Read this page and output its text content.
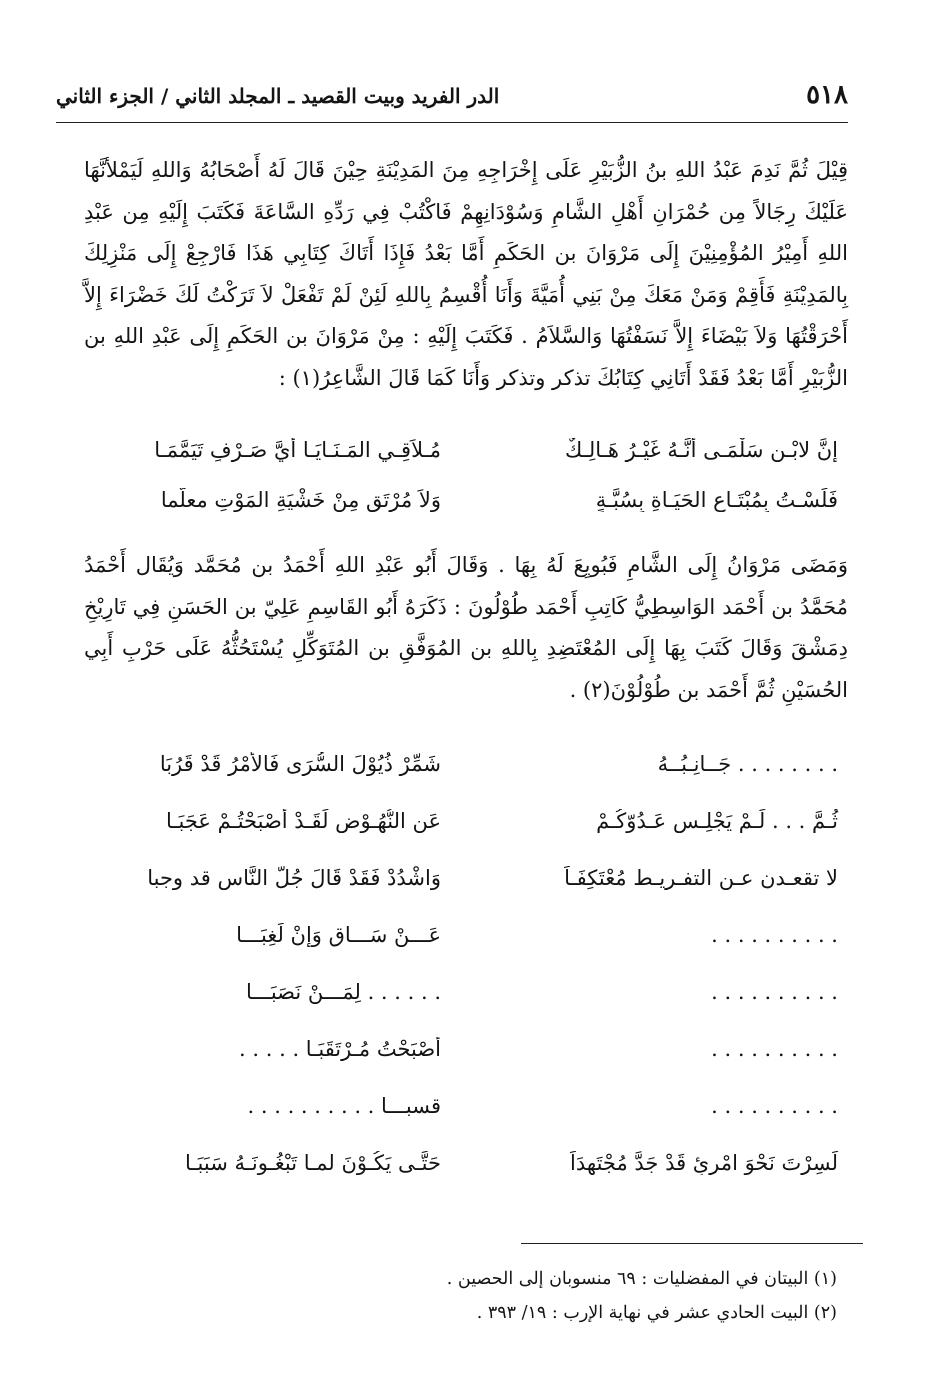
٥١٨
الدر الفريد وبيت القصيد ـ المجلد الثاني / الجزء الثاني

قِيْلَ ثُمَّ نَدِمَ عَبْدُ اللهِ بنُ الزُّبَيْرِ عَلَى إِخْرَاجِهِ مِنَ المَدِيْنَةِ حِيْنَ قَالَ لَهُ أَصْحَابُهُ وَاللهِ لَيَمْلأنَّهَا عَلَيْكَ رِجَالاً مِن حُمْرَانِ أَهْلِ الشَّامِ وَسُوْدَانِهِمْ فَاكْتُبْ فِي رَدِّهِ السَّاعَةَ فَكَتَبَ إِلَيْهِ مِن عَبْدِ اللهِ أَمِيْرُ المُؤْمِنِيْنَ إِلَى مَرْوَانَ بن الحَكَمِ أَمَّا بَعْدُ فَإِذَا أَتَاكَ كِتَابِي هَذَا فَارْجِعْ إِلَى مَنْزِلِكَ بِالمَدِيْنَةِ فَأَقِمْ وَمَنْ مَعَكَ مِنْ بَنِي أُمَيَّةَ وَأَنَا أُقْسِمُ بِاللهِ لَئِنْ لَمْ تَفْعَلْ لاَ تَرَكْتُ لَكَ خَضْرَاءَ إِلاَّ أَحْرَقْتُهَا وَلاَ بَيْضَاءَ إِلاَّ نَسَفْتُهَا وَالسَّلاَمُ . فَكَتَبَ إِلَيْهِ : مِنْ مَرْوَانَ بن الحَكَمِ إِلَى عَبْدِ اللهِ بن الزُّبَيْرِ أَمَّا بَعْدُ فَقَدْ أَتَانِي كِتَابُكَ تذكر وتذكر وَأَنَا كَمَا قَالَ الشَّاعِرُ(١) :

إِنَّ لابْـنِ سَلْمَـى أَنَّـهُ غَيْـرُ هَـالِـكٌ
مُـلاَقِـي المَـنَـايَـا أَيَّ صَـرْفٍ تَيَمَّمَـا
فَلَسْـتُ بِمُبْتَـاعِ الحَيَـاةِ بِسُبَّـةٍ
وَلاَ مُرْتَقٍ مِنْ خَشْيَةِ المَوْتِ معلّما

وَمَضَى مَرْوَانُ إِلَى الشَّامِ فَبُويِعَ لَهُ بِهَا . وَقَالَ أَبُو عَبْدِ اللهِ أَحْمَدُ بن مُحَمَّد وَيُقَال أَحْمَدُ مُحَمَّدُ بن أَحْمَد الوَاسِطِيُّ كَاتِبِ أَحْمَد طُوْلُونَ : ذَكَرَهُ أَبُو القَاسِمِ عَلِيّ بن الحَسَنِ فِي تَارِيْخِ دِمَشْقَ وَقَالَ كَتَبَ بِهَا إِلَى المُعْتَضِدِ بِاللهِ بن المُوَفَّقِ بن المُتَوَكِّلِ يُسْتَحُثُّهُ عَلَى حَرْبِ أَبِي الحُسَيْنِ ثُمَّ أَحْمَد بن طُوْلُوْنَ(٢) .

. . . . . . . . جَــانِـبُــهُ
شَمِّرْ ذُيُوْلَ السُّرَى فَالأَمْرُ قَدْ قَرُبَا
ثُـمَّ . . . لَـمْ يَجْلِـس عَـدُوّكُـمْ
عَنِ النُّهُـوْضِ لَقَـدْ أَصْبَحْتُـمْ عَجَبَـا
لا تقعـدن عـن التفـريـط مُعْتَكِفَـاً
وَاشْدُدْ فَقَدْ قَالَ جُلُّ النَّاسِ قد وجبا
. . . . . . . . . .
عَـــنْ سَـــاقٍ وَإِنْ لَغِبَـــا
. . . . . . . . . .
. . . . . . لِمَـــنْ نَصَبَـــا
. . . . . . . . . .
أَصْبَحْتُ مُـرْتَقَبَـا . . . . .
. . . . . . . . . .
قسبـــا . . . . . . . . . .
لَسِرْتَ نَحْوَ امْرِئٍ قَدْ جَدَّ مُجْتَهِدَاً
حَتَّـى يَكُـوْنَ لمـا تَبْغُـونَـهُ سَبَبَـا
(١) البيتان في المفضليات : ٦٩ منسوبان إلى الحصين .
(٢) البيت الحادي عشر في نهاية الإرب : ١٩/ ٣٩٣ .
